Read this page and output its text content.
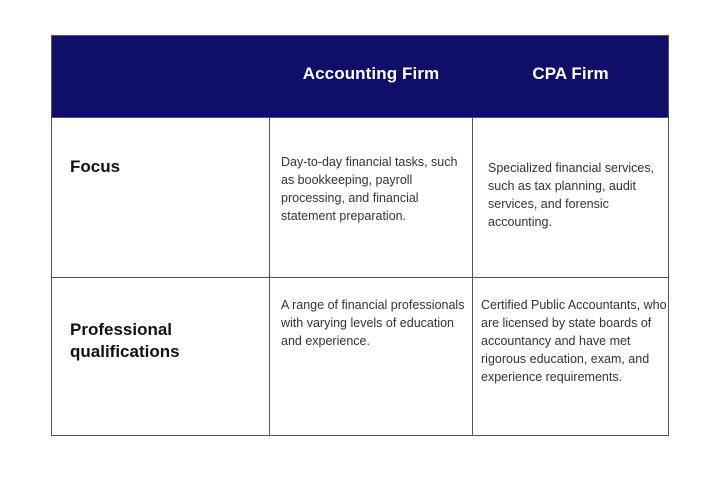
Accounting Firm	CPA Firm
Focus	Day-to-day financial tasks, such as bookkeeping, payroll processing, and financial statement preparation.
Specialized financial services, such as tax planning, audit services, and forensic accounting.
Professional qualifications
A range of financial professionals with varying levels of education and experience.
Certified Public Accountants, who are licensed by state boards of accountancy and have met rigorous education, exam, and experience requirements.
